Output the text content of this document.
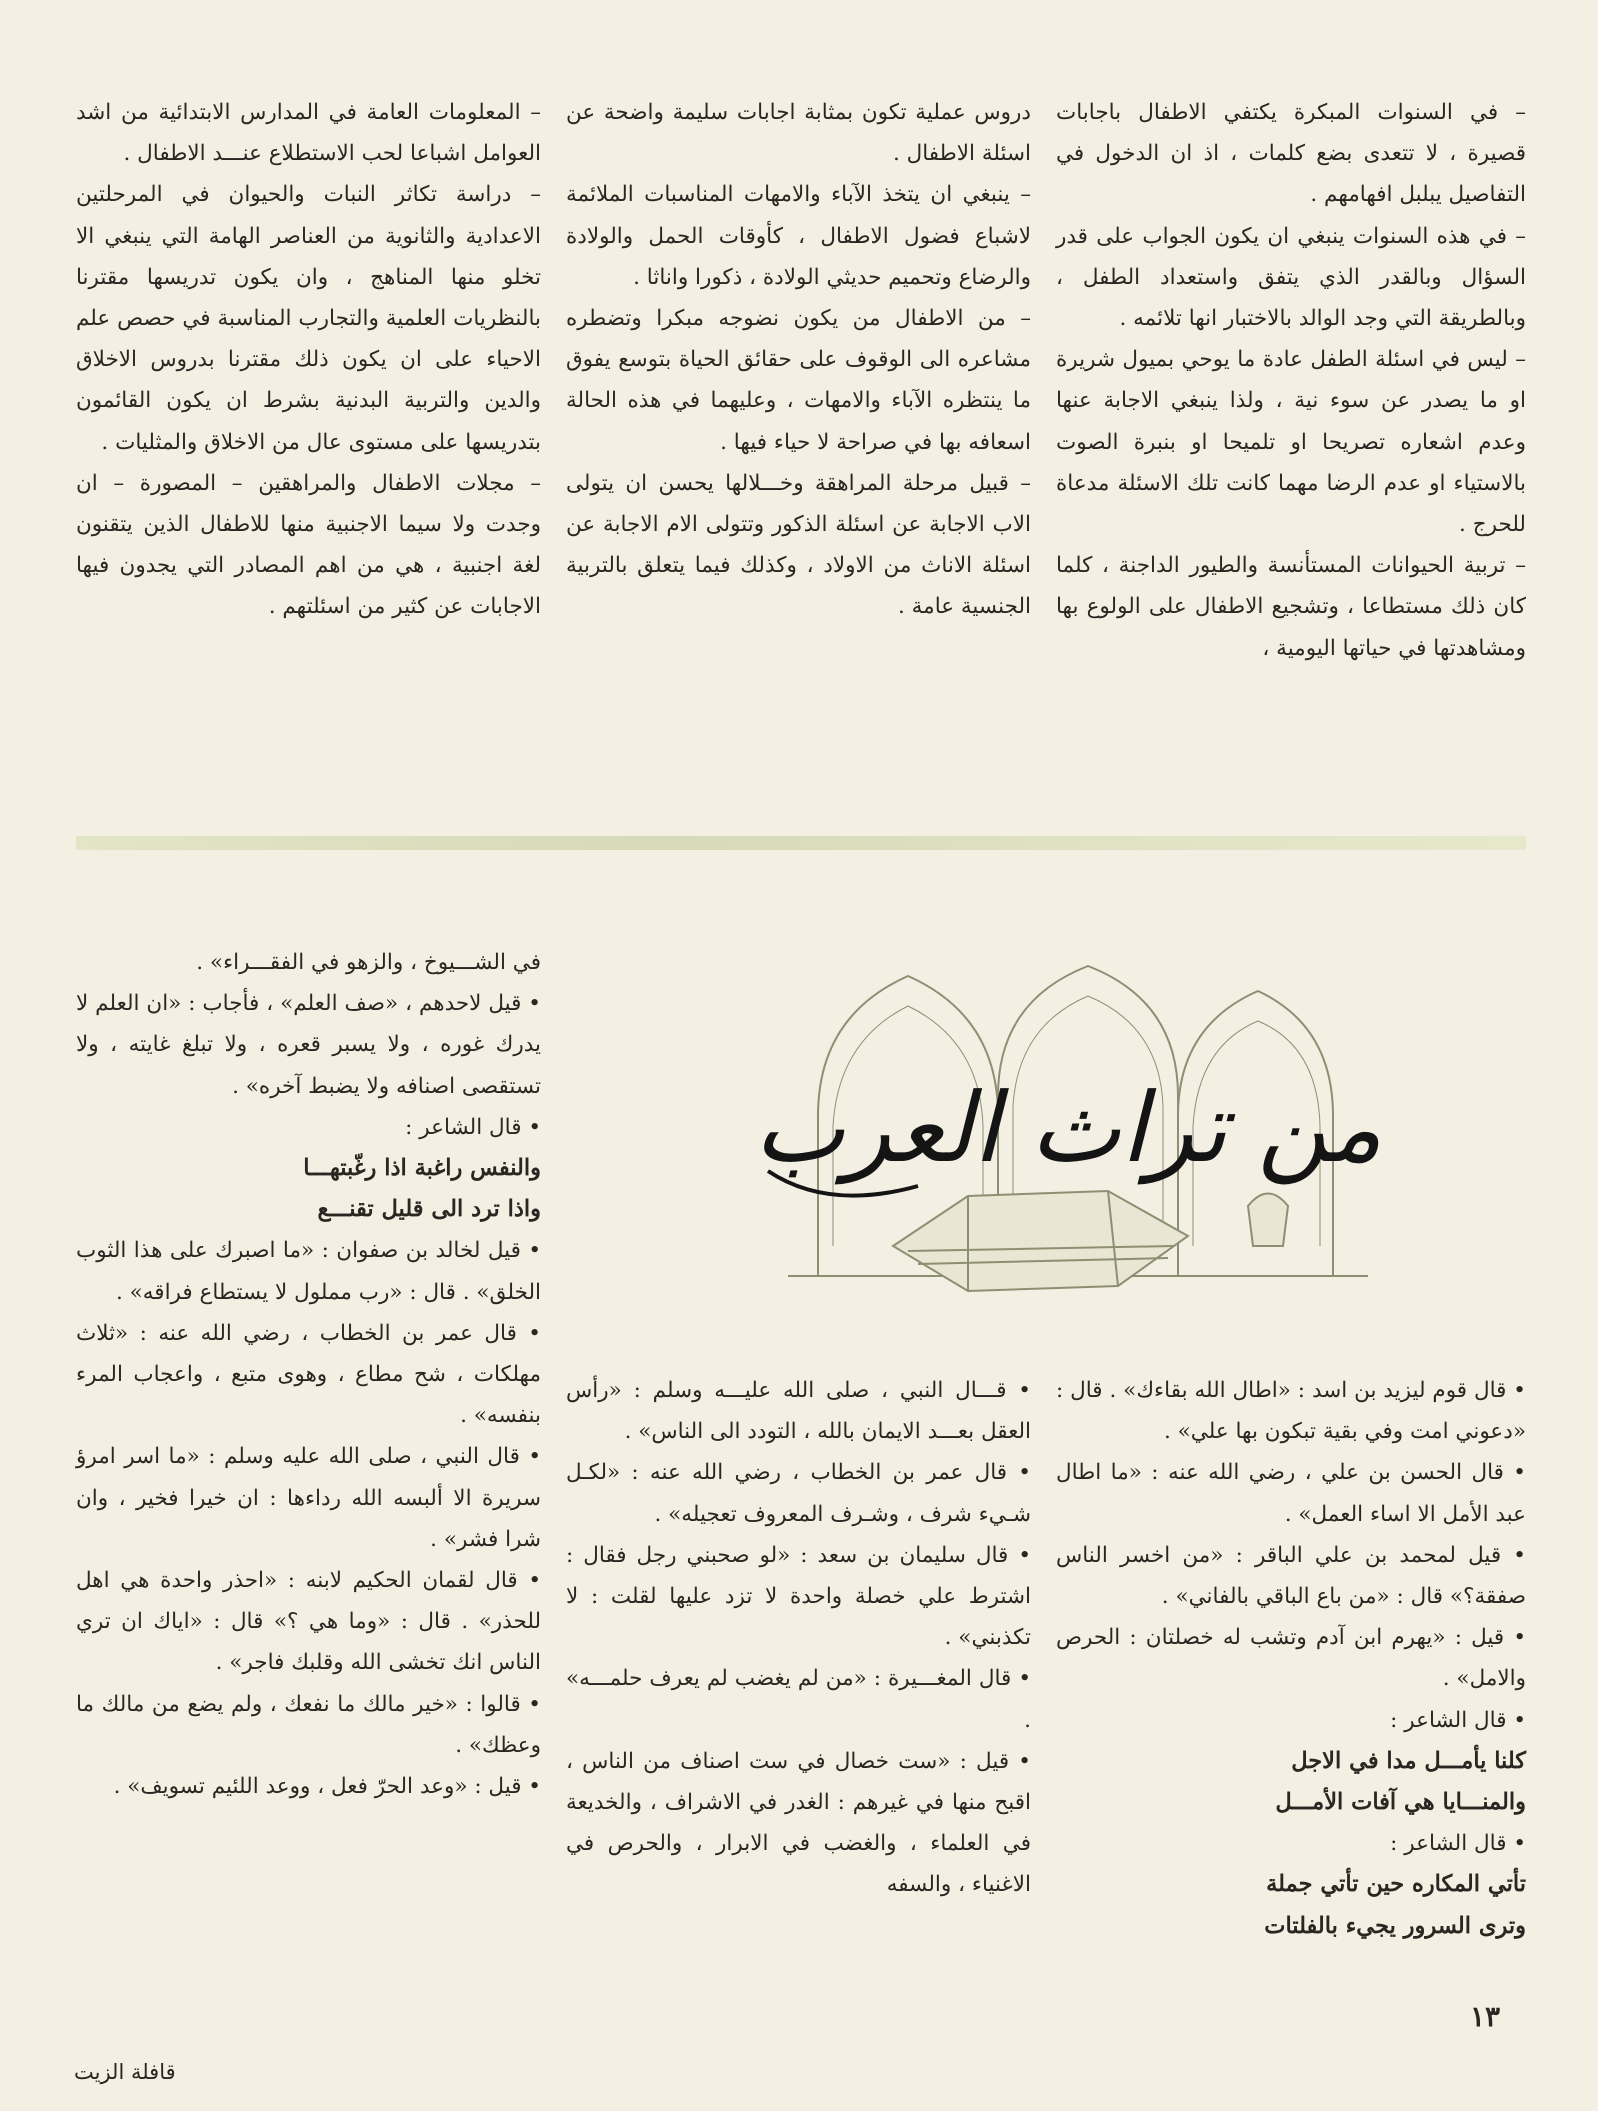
– في السنوات المبكرة يكتفي الاطفال باجابات قصيرة ، لا تتعدى بضع كلمات ، اذ ان الدخول في التفاصيل يبلبل افهامهم .

– في هذه السنوات ينبغي ان يكون الجواب على قدر السؤال وبالقدر الذي يتفق واستعداد الطفل ، وبالطريقة التي وجد الوالد بالاختبار انها تلائمه .

– ليس في اسئلة الطفل عادة ما يوحي بميول شريرة او ما يصدر عن سوء نية ، ولذا ينبغي الاجابة عنها وعدم اشعاره تصريحا او تلميحا او بنبرة الصوت بالاستياء او عدم الرضا مهما كانت تلك الاسئلة مدعاة للحرج .

– تربية الحيوانات المستأنسة والطيور الداجنة ، كلما كان ذلك مستطاعا ، وتشجيع الاطفال على الولوع بها ومشاهدتها في حياتها اليومية ،

دروس عملية تكون بمثابة اجابات سليمة واضحة عن اسئلة الاطفال .

– ينبغي ان يتخذ الآباء والامهات المناسبات الملائمة لاشباع فضول الاطفال ، كأوقات الحمل والولادة والرضاع وتحميم حديثي الولادة ، ذكورا واناثا .

– من الاطفال من يكون نضوجه مبكرا وتضطره مشاعره الى الوقوف على حقائق الحياة بتوسع يفوق ما ينتظره الآباء والامهات ، وعليهما في هذه الحالة اسعافه بها في صراحة لا حياء فيها .

– قبيل مرحلة المراهقة وخـــلالها يحسن ان يتولى الاب الاجابة عن اسئلة الذكور وتتولى الام الاجابة عن اسئلة الاناث من الاولاد ، وكذلك فيما يتعلق بالتربية الجنسية عامة .

– المعلومات العامة في المدارس الابتدائية من اشد العوامل اشباعا لحب الاستطلاع عنـــد الاطفال .

– دراسة تكاثر النبات والحيوان في المرحلتين الاعدادية والثانوية من العناصر الهامة التي ينبغي الا تخلو منها المناهج ، وان يكون تدريسها مقترنا بالنظريات العلمية والتجارب المناسبة في حصص علم الاحياء على ان يكون ذلك مقترنا بدروس الاخلاق والدين والتربية البدنية بشرط ان يكون القائمون بتدريسها على مستوى عال من الاخلاق والمثليات .

– مجلات الاطفال والمراهقين – المصورة – ان وجدت ولا سيما الاجنبية منها للاطفال الذين يتقنون لغة اجنبية ، هي من اهم المصادر التي يجدون فيها الاجابات عن كثير من اسئلتهم .

من تراث العرب

• قال قوم ليزيد بن اسد : «اطال الله بقاءك» . قال : «دعوني امت وفي بقية تبكون بها علي» .

• قال الحسن بن علي ، رضي الله عنه : «ما اطال عبد الأمل الا اساء العمل» .

• قيل لمحمد بن علي الباقر : «من اخسر الناس صفقة؟» قال : «من باع الباقي بالفاني» .

• قيل : «يهرم ابن آدم وتشب له خصلتان : الحرص والامل» .

• قال الشاعر :

كلنا يأمـــل مدا في الاجل

والمنـــايا هي آفات الأمـــل

• قال الشاعر :

تأتي المكاره حين تأتي جملة

وترى السرور يجيء بالفلتات

• قـــال النبي ، صلى الله عليـــه وسلم : «رأس العقل بعـــد الايمان بالله ، التودد الى الناس» .

• قال عمر بن الخطاب ، رضي الله عنه : «لكـل شـيء شرف ، وشـرف المعروف تعجيله» .

• قال سليمان بن سعد : «لو صحبني رجل فقال : اشترط علي خصلة واحدة لا تزد عليها لقلت : لا تكذبني» .

• قال المغـــيرة : «من لم يغضب لم يعرف حلمـــه» .

• قيل : «ست خصال في ست اصناف من الناس ، اقبح منها في غيرهم : الغدر في الاشراف ، والخديعة في العلماء ، والغضب في الابرار ، والحرص في الاغنياء ، والسفه

في الشـــيوخ ، والزهو في الفقـــراء» .

• قيل لاحدهم ، «صف العلم» ، فأجاب : «ان العلم لا يدرك غوره ، ولا يسبر قعره ، ولا تبلغ غايته ، ولا تستقصى اصنافه ولا يضبط آخره» .

• قال الشاعر :

والنفس راغبة اذا رغّبتهـــا

واذا ترد الى قليل تقنـــع

• قيل لخالد بن صفوان : «ما اصبرك على هذا الثوب الخلق» . قال : «رب مملول لا يستطاع فراقه» .

• قال عمر بن الخطاب ، رضي الله عنه : «ثلاث مهلكات ، شح مطاع ، وهوى متبع ، واعجاب المرء بنفسه» .

• قال النبي ، صلى الله عليه وسلم : «ما اسر امرؤ سريرة الا ألبسه الله رداءها : ان خيرا فخير ، وان شرا فشر» .

• قال لقمان الحكيم لابنه : «احذر واحدة هي اهل للحذر» . قال : «وما هي ؟» قال : «اياك ان تري الناس انك تخشى الله وقلبك فاجر» .

• قالوا : «خير مالك ما نفعك ، ولم يضع من مالك ما وعظك» .

• قيل : «وعد الحرّ فعل ، ووعد اللئيم تسويف» .

١٣
قافلة الزيت
